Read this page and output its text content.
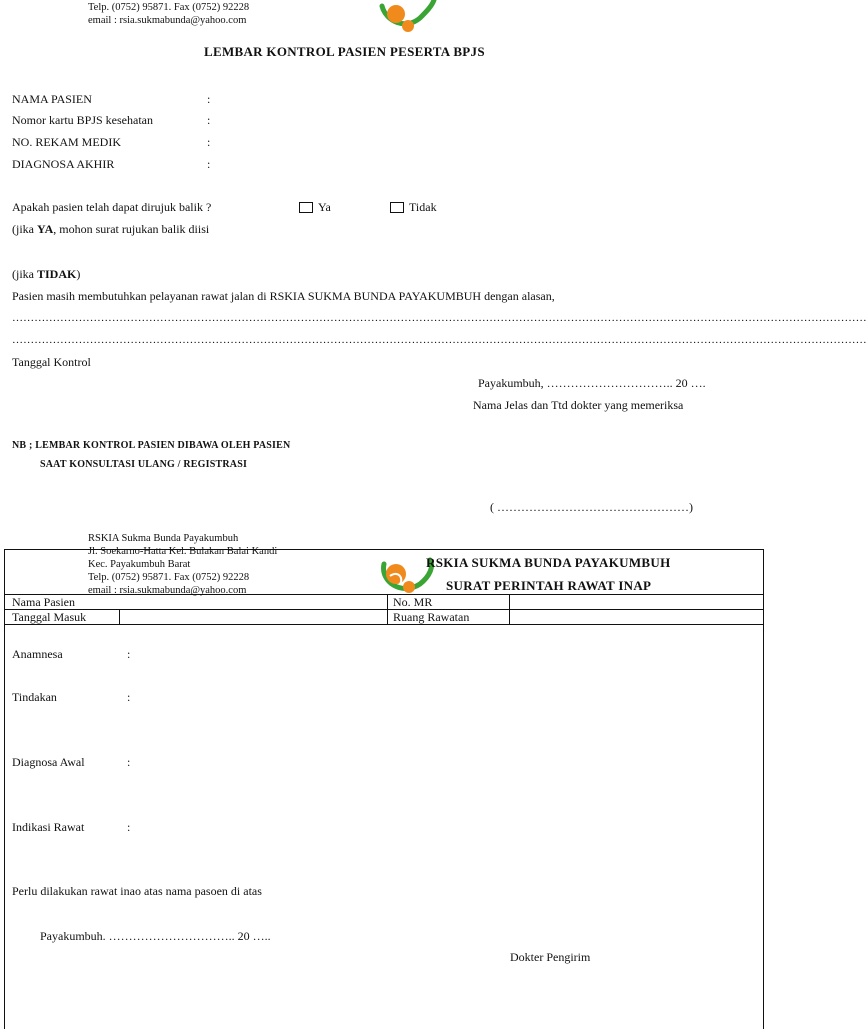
Telp. (0752) 95871. Fax (0752) 92228
email : rsia.sukmabunda@yahoo.com
LEMBAR KONTROL PASIEN PESERTA BPJS
NAMA PASIEN	:
Nomor kartu BPJS kesehatan	:
NO. REKAM MEDIK	:
DIAGNOSA AKHIR	:
Apakah pasien telah dapat dirujuk balik ?	Ya	Tidak
(jika YA, mohon surat rujukan balik diisi
(jika TIDAK)
Pasien masih membutuhkan pelayanan rawat jalan di RSKIA SUKMA BUNDA PAYAKUMBUH dengan alasan,
……………………………………………………………………………………………………………………………………………………………………………………………………………
……………………………………………………………………………………………………………………………………………………………………………………………………………
Tanggal Kontrol
Payakumbuh, ………………………….. 20 ….
Nama Jelas dan Ttd dokter yang memeriksa
NB ; LEMBAR KONTROL PASIEN DIBAWA OLEH PASIEN
SAAT KONSULTASI ULANG / REGISTRASI
( …………………………………………)
RSKIA Sukma Bunda Payakumbuh
Jl. Soekarno-Hatta Kel. Bulakan Balai Kandi
Kec. Payakumbuh Barat
Telp. (0752) 95871. Fax (0752) 92228
email : rsia.sukmabunda@yahoo.com
RSKIA SUKMA BUNDA PAYAKUMBUH
SURAT PERINTAH RAWAT INAP
Nama Pasien	No. MR
Tanggal Masuk	Ruang Rawatan
Anamnesa	:
Tindakan	:
Diagnosa Awal	:
Indikasi Rawat	:
Perlu dilakukan rawat inao atas nama pasoen di atas
Payakumbuh. ………………………….. 20 …..
Dokter Pengirim
